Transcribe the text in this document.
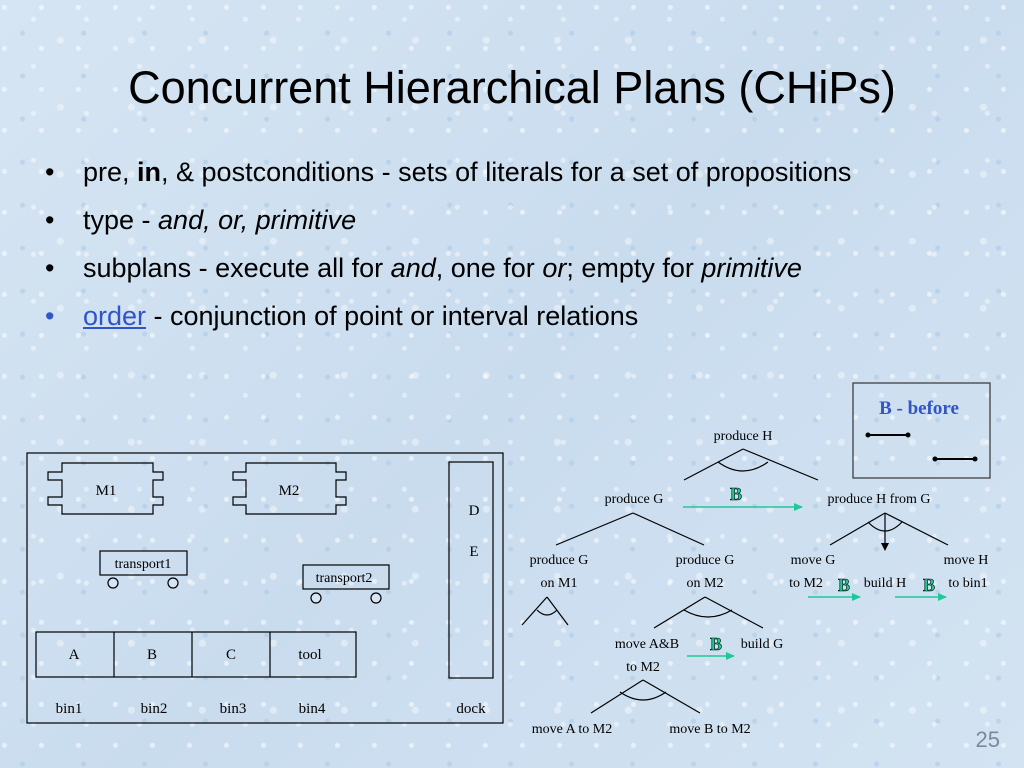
Concurrent Hierarchical Plans (CHiPs)
• pre, in, & postconditions - sets of literals for a set of propositions
• type - and, or, primitive
• subplans - execute all for and, one for or; empty for primitive
• order - conjunction of point or interval relations
B - before
M1	M2
D
E
transport1
transport2
A	B	C	tool
bin1	bin2	bin3	bin4	dock
produce H
produce G	produce H from G
B
produce G
on M1
produce G
on M2
move G
to M2	build H
move H
to bin1
B	B
move A&B
to M2
build G
B
move A to M2	move B to M2	25
